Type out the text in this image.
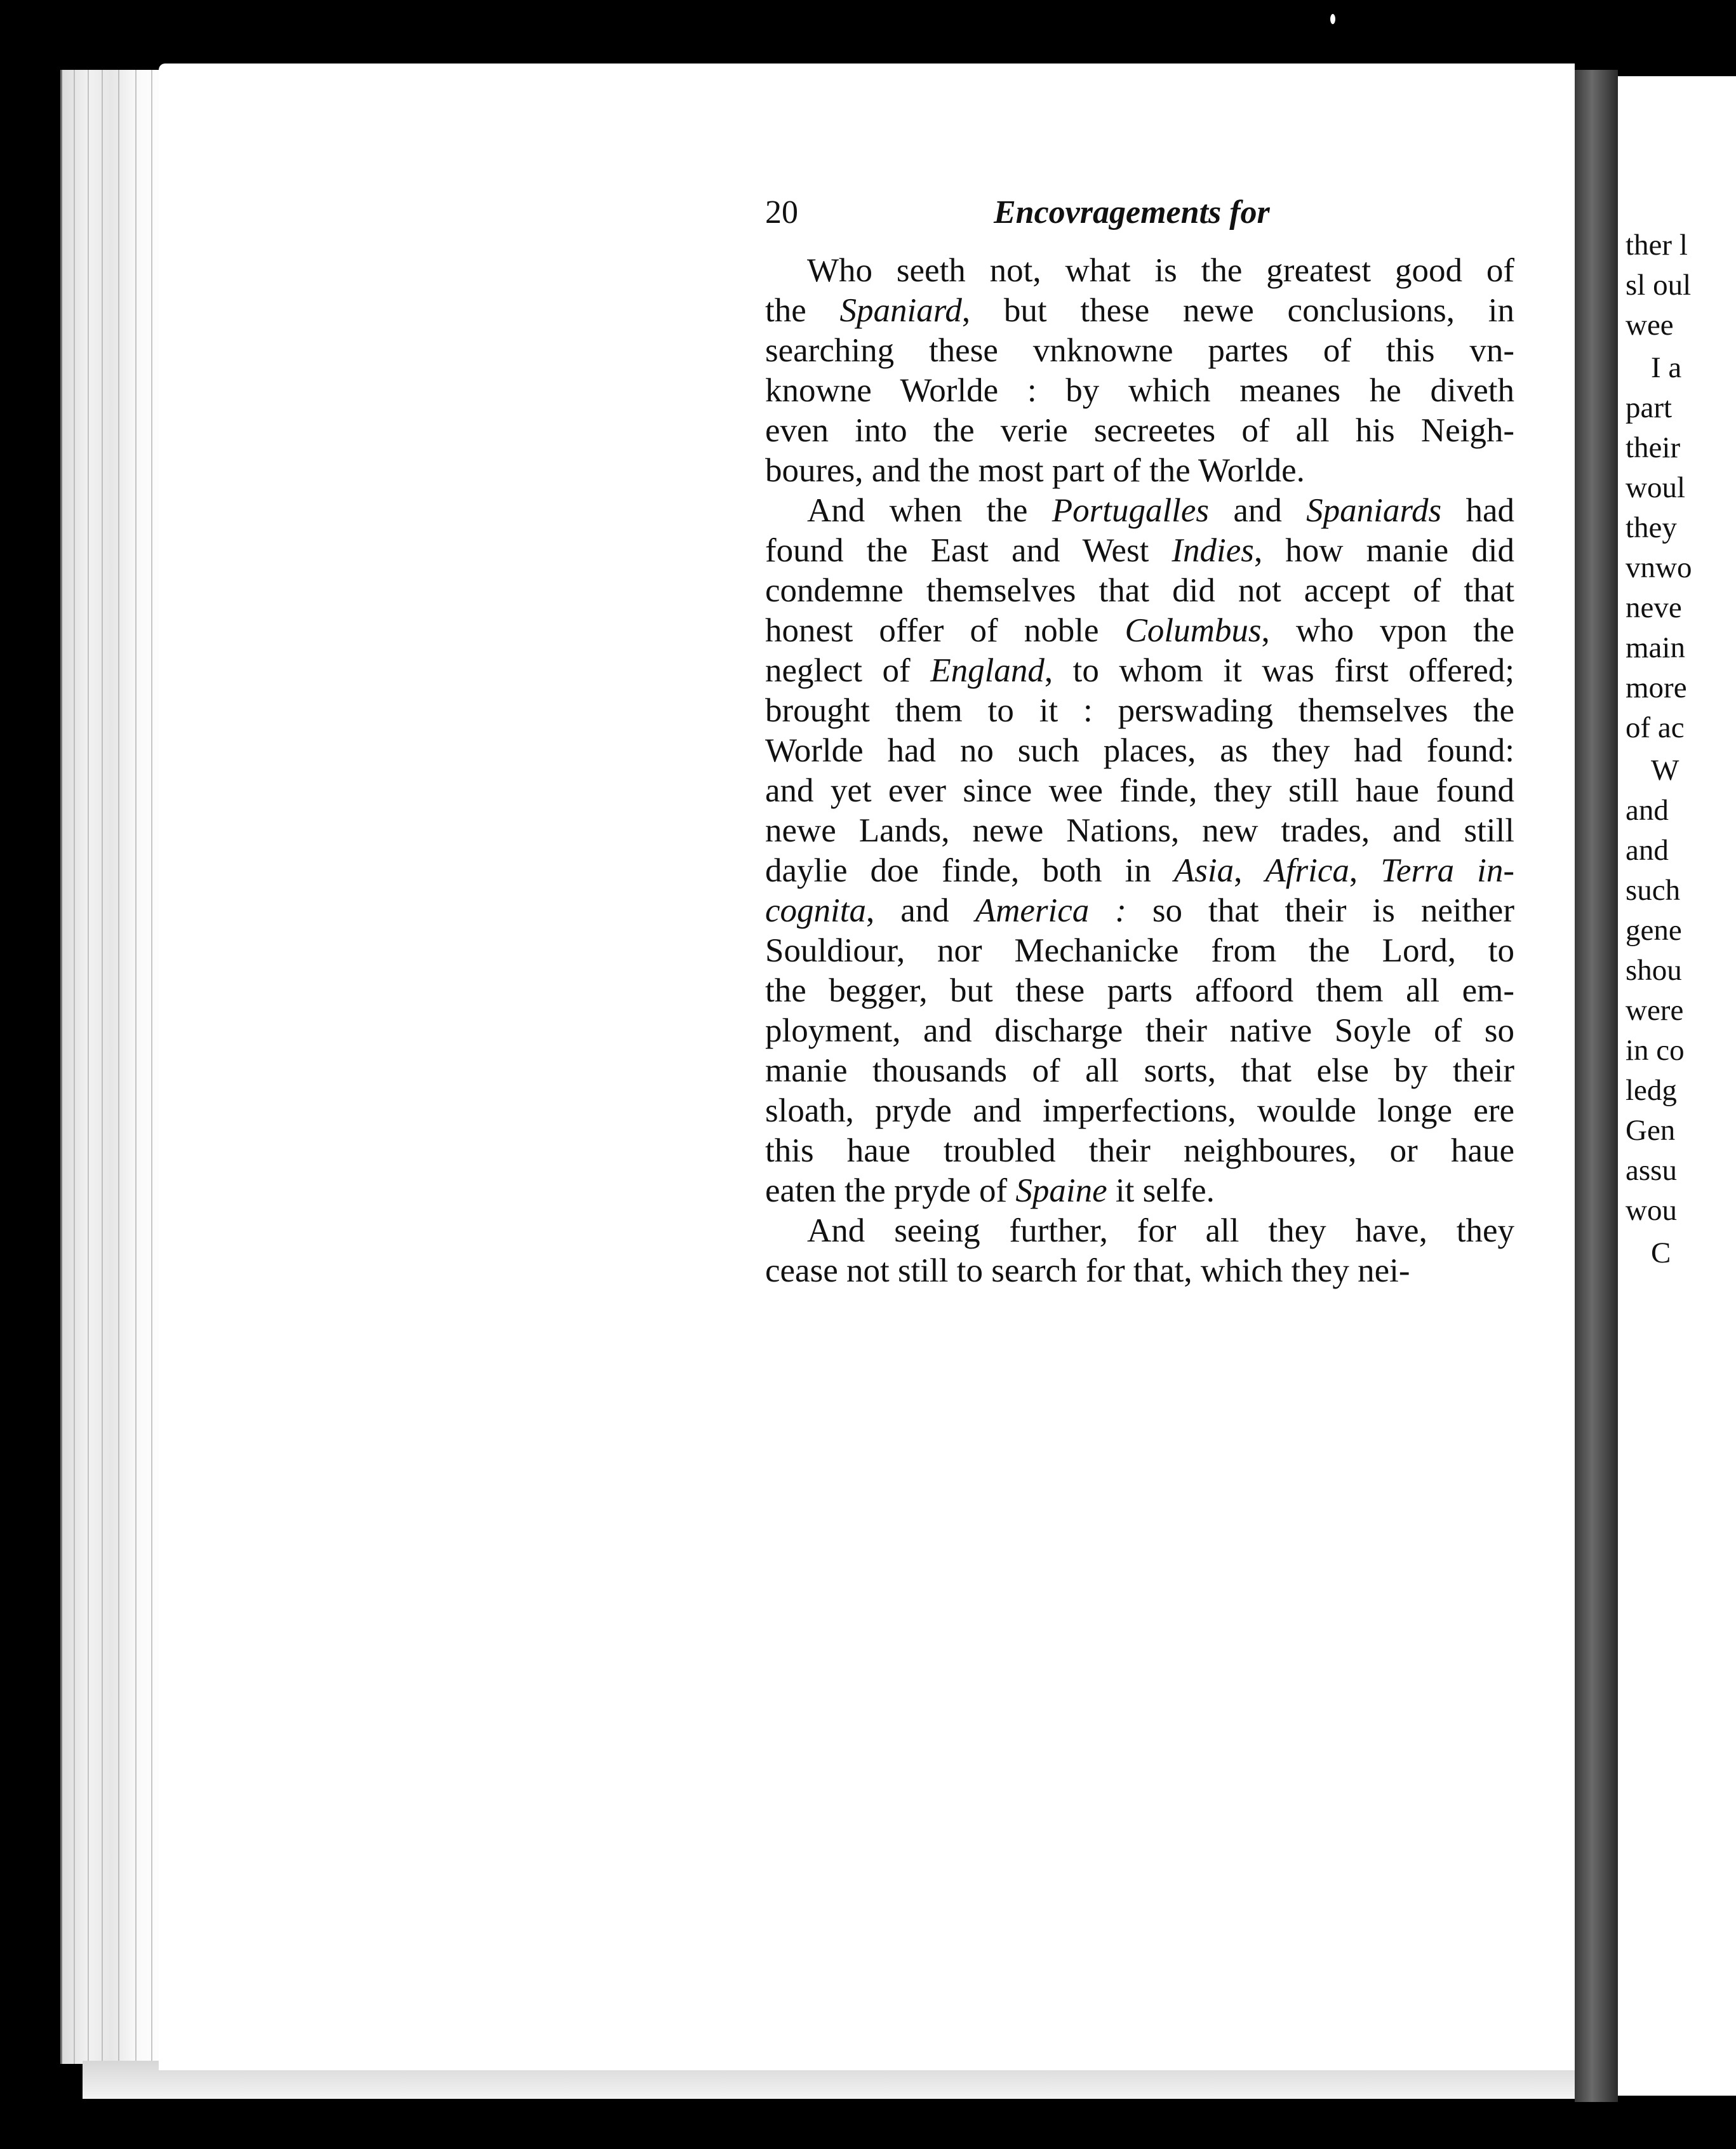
ther l
sl oul
wee
I a
part
their
woul
they
vnwo
neve
main
more
of ac
W
and
and
such
gene
shou
were
in co
ledg
Gen
assu
wou
C
20	Encovragements for
Who seeth not, what is the greatest good of
the Spaniard, but these newe conclusions, in
searching these vnknowne partes of this vn-
knowne Worlde : by which meanes he diveth
even into the verie secreetes of all his Neigh-
boures, and the most part of the Worlde.
And when the Portugalles and Spaniards had
found the East and West Indies, how manie did
condemne themselves that did not accept of that
honest offer of noble Columbus, who vpon the
neglect of England, to whom it was first offered;
brought them to it : perswading themselves the
Worlde had no such places, as they had found:
and yet ever since wee finde, they still haue found
newe Lands, newe Nations, new trades, and still
daylie doe finde, both in Asia, Africa, Terra in-
cognita, and America : so that their is neither
Souldiour, nor Mechanicke from the Lord, to
the begger, but these parts affoord them all em-
ployment, and discharge their native Soyle of so
manie thousands of all sorts, that else by their
sloath, pryde and imperfections, woulde longe ere
this haue troubled their neighboures, or haue
eaten the pryde of Spaine it selfe.
And seeing further, for all they have, they
cease not still to search for that, which they nei-
